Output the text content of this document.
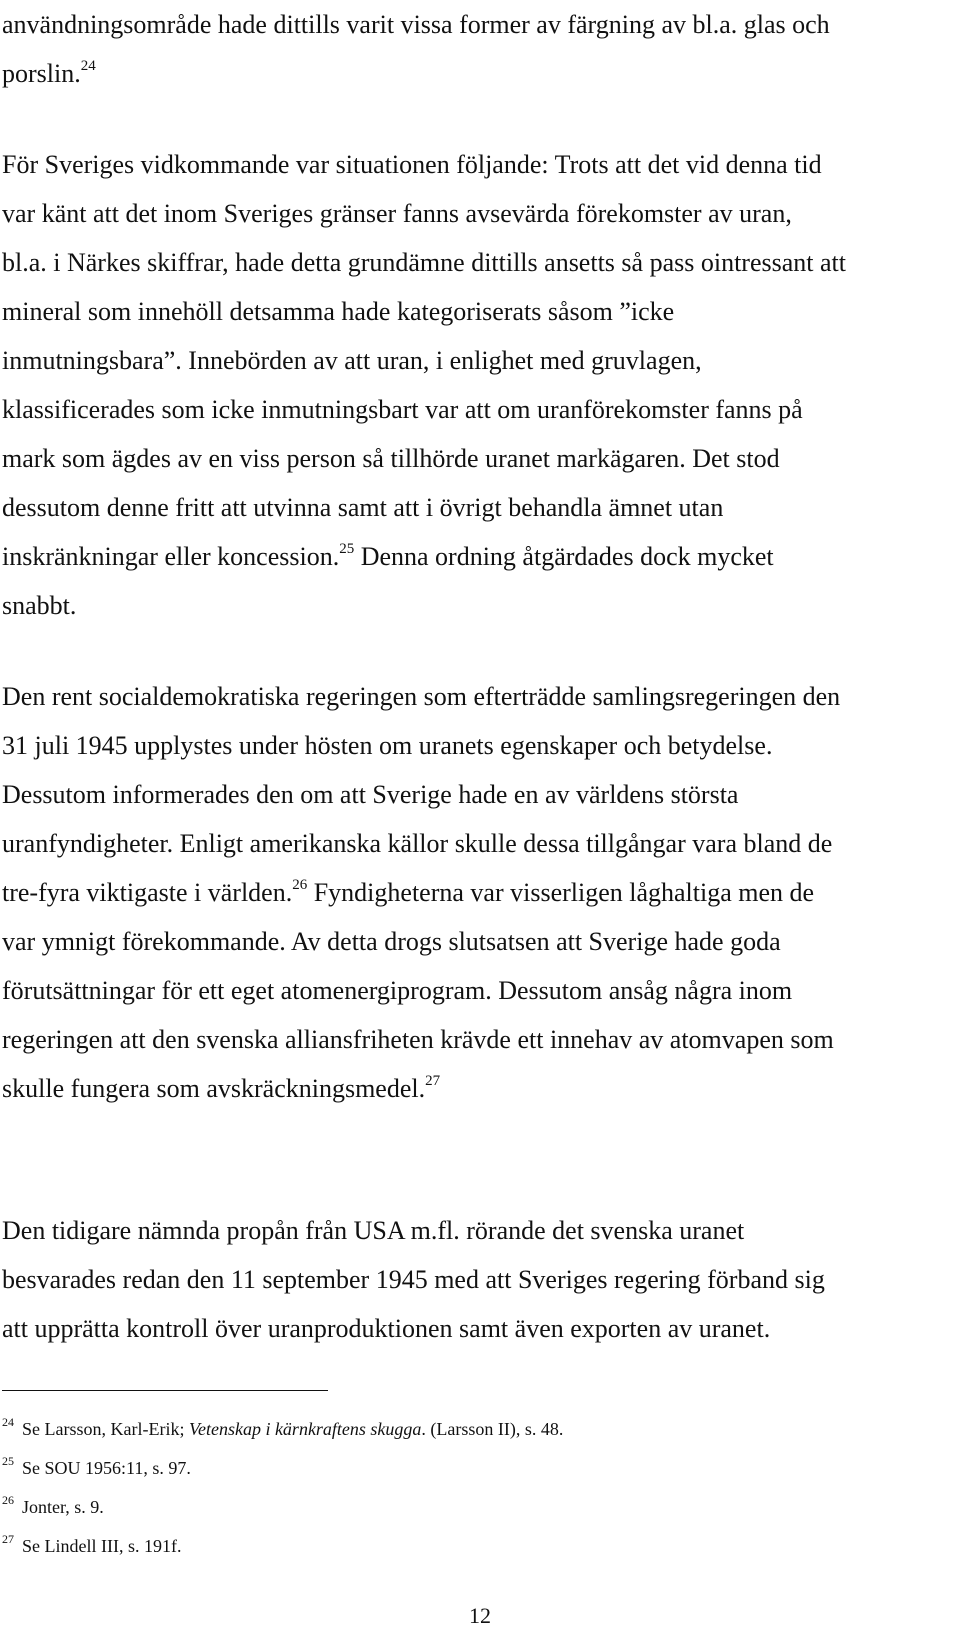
användningsområde hade dittills varit vissa former av färgning av bl.a. glas och
porslin.$^{24}$
För Sveriges vidkommande var situationen följande: Trots att det vid denna tid
var känt att det inom Sveriges gränser fanns avsevärda förekomster av uran,
bl.a. i Närkes skiffrar, hade detta grundämne dittills ansetts så pass ointressant att
mineral som innehöll detsamma hade kategoriserats såsom ”icke
inmutningsbara”. Innebörden av att uran, i enlighet med gruvlagen,
klassificerades som icke inmutningsbart var att om uranförekomster fanns på
mark som ägdes av en viss person så tillhörde uranet markägaren. Det stod
dessutom denne fritt att utvinna samt att i övrigt behandla ämnet utan
inskränkningar eller koncession.$^{25}$ Denna ordning åtgärdades dock mycket
snabbt.
Den rent socialdemokratiska regeringen som efterträdde samlingsregeringen den
31 juli 1945 upplystes under hösten om uranets egenskaper och betydelse.
Dessutom informerades den om att Sverige hade en av världens största
uranfyndigheter. Enligt amerikanska källor skulle dessa tillgångar vara bland de
tre-fyra viktigaste i världen.$^{26}$ Fyndigheterna var visserligen låghaltiga men de
var ymnigt förekommande. Av detta drogs slutsatsen att Sverige hade goda
förutsättningar för ett eget atomenergiprogram. Dessutom ansåg några inom
regeringen att den svenska alliansfriheten krävde ett innehav av atomvapen som
skulle fungera som avskräckningsmedel.$^{27}$
Den tidigare nämnda propån från USA m.fl. rörande det svenska uranet
besvarades redan den 11 september 1945 med att Sveriges regering förband sig
att upprätta kontroll över uranproduktionen samt även exporten av uranet.
$^{24}$ Se Larsson, Karl-Erik; Vetenskap i kärnkraftens skugga. (Larsson II), s. 48.
$^{25}$ Se SOU 1956:11, s. 97.
$^{26}$ Jonter, s. 9.
$^{27}$ Se Lindell III, s. 191f.
12
